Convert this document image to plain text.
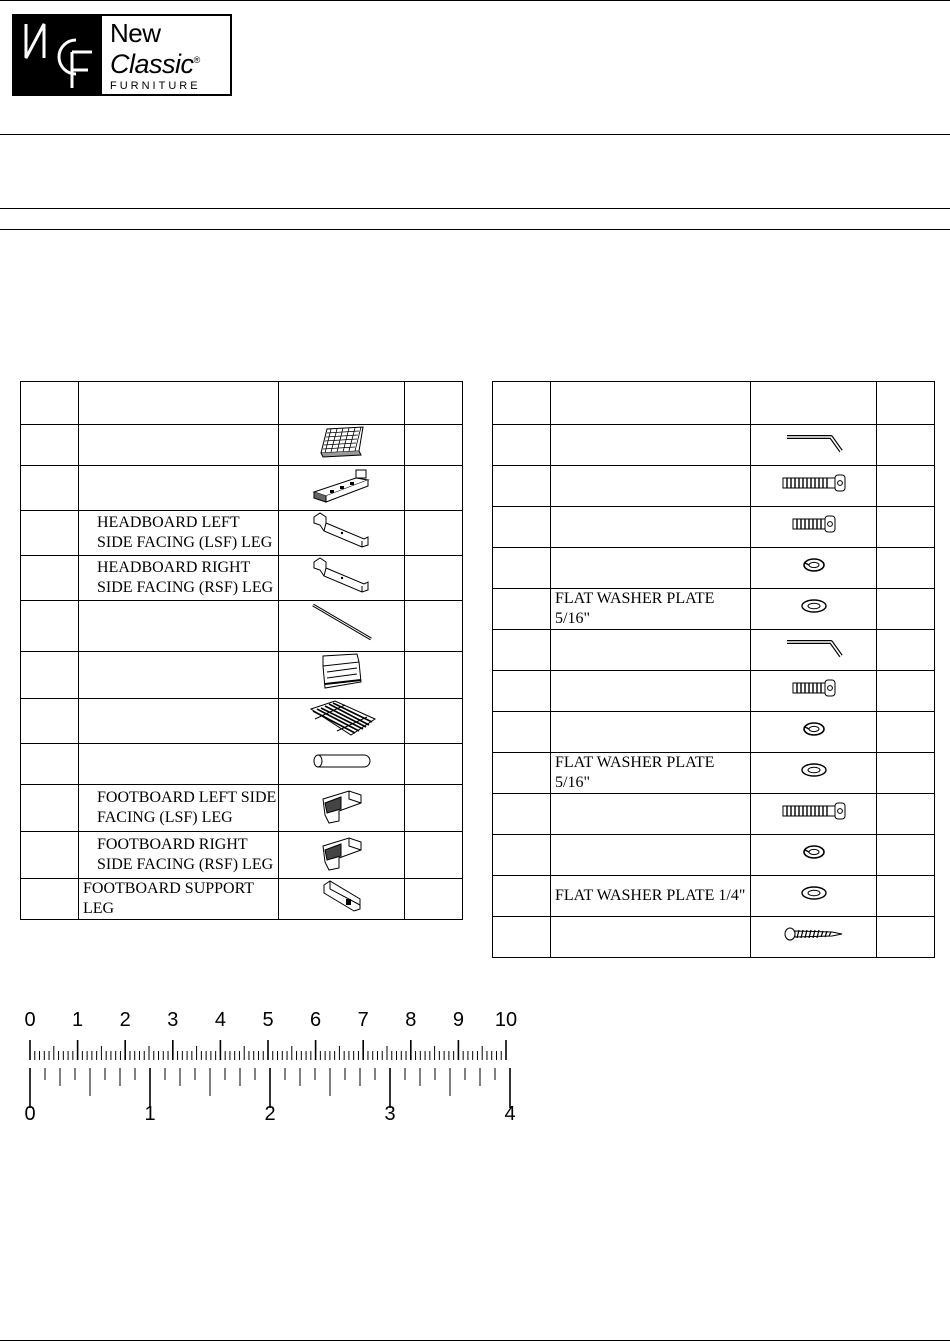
New
Classic®
FURNITURE

	HEADBOARD LEFT
SIDE FACING (LSF) LEG

	HEADBOARD RIGHT
SIDE FACING (RSF) LEG

	FOOTBOARD LEFT SIDE
FACING (LSF) LEG

	FOOTBOARD RIGHT
SIDE FACING (RSF) LEG

	FOOTBOARD SUPPORT LEG

	FLAT WASHER PLATE 5/16"	

	FLAT WASHER PLATE 5/16"	

	FLAT WASHER PLATE 1/4"	

0 1 2 3 4 5 6 7 8 9 10
0	1	2	3	4
